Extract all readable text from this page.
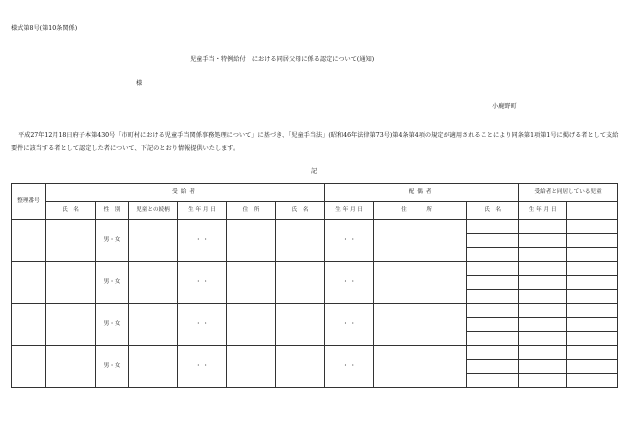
様式第8号(第10条関係)
児童手当・特例給付　における同居父母に係る認定について(通知)
様
小鹿野町
平成27年12月18日府子本第430号「市町村における児童手当関係事務処理について」に基づき、「児童手当法」(昭和46年法律第73号)第4条第4項の規定が適用されることにより同条第1項第1号に掲げる者として支給要件に該当する者として認定した者について、下記のとおり情報提供いたします。
記
整理番号	受給者						配偶者			受給者と同居している児童	
	氏　名	性　別	児童との続柄	生 年 月 日	住　所	氏　名	生 年 月 日	住　所	氏　名	生 年 月 日		
		男・女		・ ・			・ ・					

		男・女		・ ・			・ ・					

		男・女		・ ・			・ ・					

		男・女		・ ・			・ ・					
